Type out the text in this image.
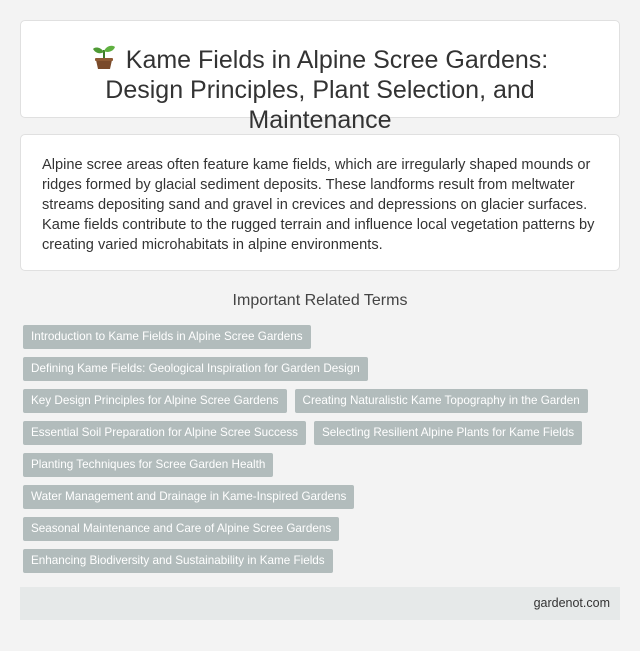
Kame Fields in Alpine Scree Gardens: Design Principles, Plant Selection, and Maintenance

Alpine scree areas often feature kame fields, which are irregularly shaped mounds or ridges formed by glacial sediment deposits. These landforms result from meltwater streams depositing sand and gravel in crevices and depressions on glacier surfaces. Kame fields contribute to the rugged terrain and influence local vegetation patterns by creating varied microhabitats in alpine environments.

Important Related Terms
Introduction to Kame Fields in Alpine Scree Gardens
Defining Kame Fields: Geological Inspiration for Garden Design
Key Design Principles for Alpine Scree Gardens	Creating Naturalistic Kame Topography in the Garden
Essential Soil Preparation for Alpine Scree Success	Selecting Resilient Alpine Plants for Kame Fields
Planting Techniques for Scree Garden Health
Water Management and Drainage in Kame-Inspired Gardens
Seasonal Maintenance and Care of Alpine Scree Gardens
Enhancing Biodiversity and Sustainability in Kame Fields
gardenot.com
